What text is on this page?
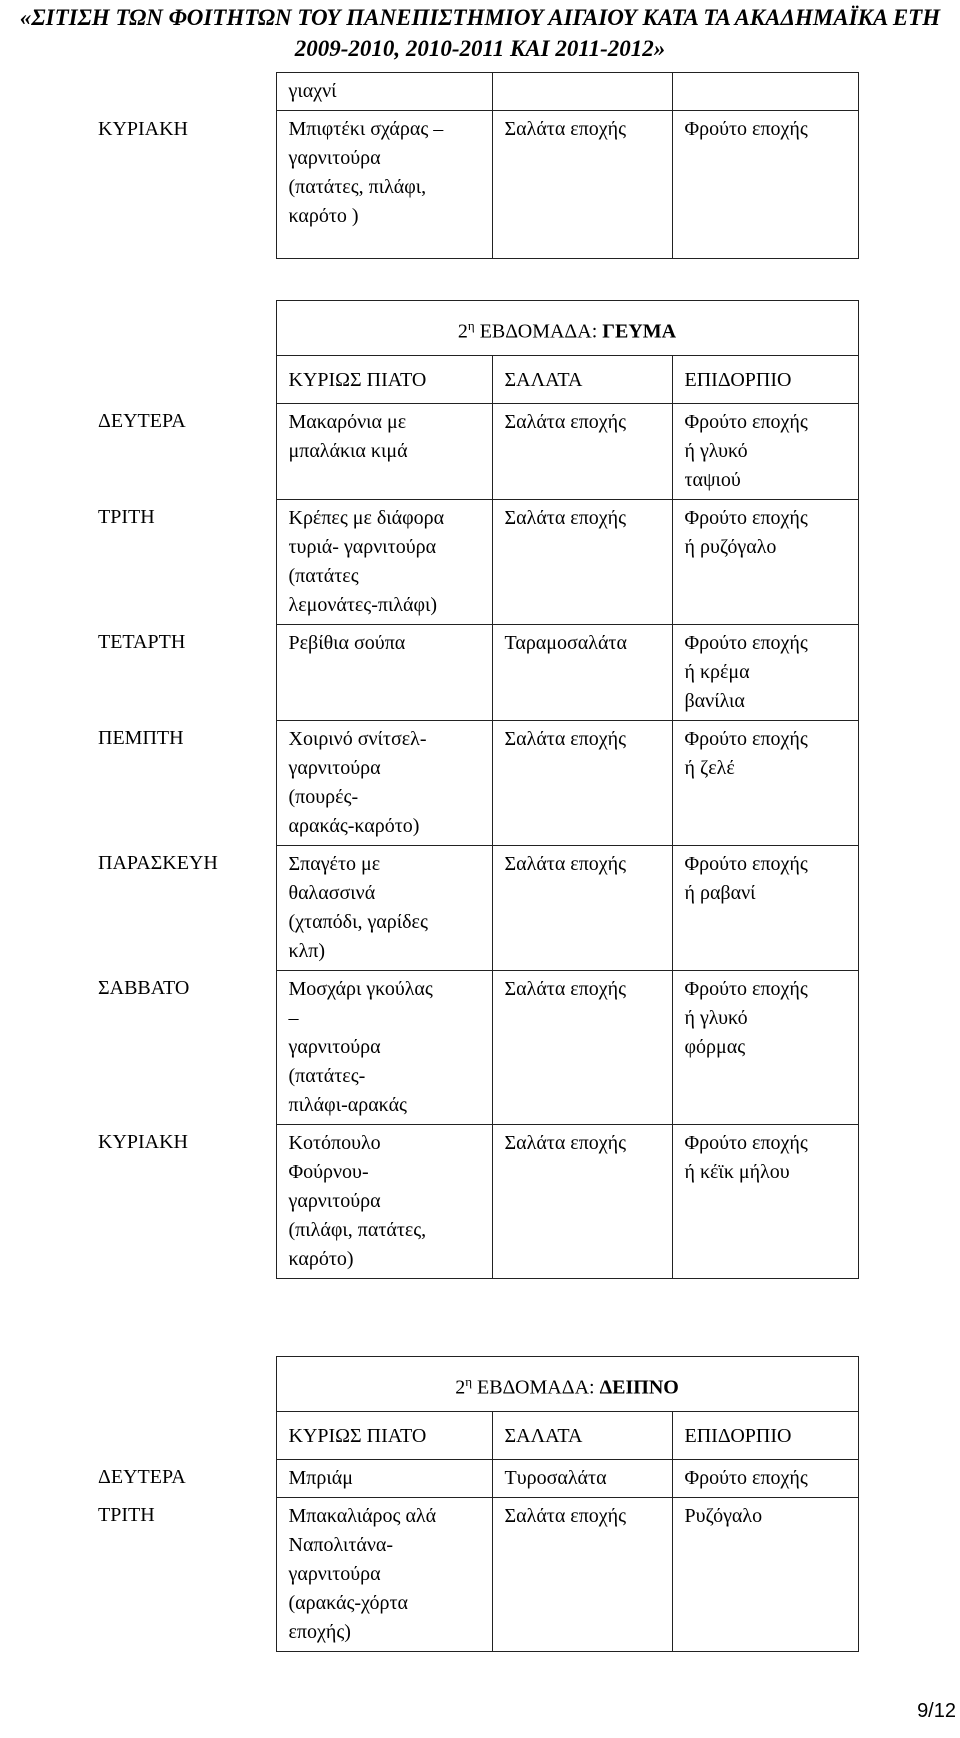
«ΣΙΤΙΣΗ ΤΩΝ ΦΟΙΤΗΤΩΝ ΤΟΥ ΠΑΝΕΠΙΣΤΗΜΙΟΥ ΑΙΓΑΙΟΥ ΚΑΤΑ ΤΑ ΑΚΑΔΗΜΑΪΚΑ ΕΤΗ
2009-2010, 2010-2011 ΚΑΙ 2011-2012»

	γιαχνί		

ΚΥΡΙΑΚΗ	Μπιφτέκι σχάρας –
γαρνιτούρα
(πατάτες, πιλάφι,
καρότο )	Σαλάτα εποχής	Φρούτο εποχής
	$2^\eta$ ΕΒΔΟΜΑΔΑ: ΓΕΥΜΑ		
	ΚΥΡΙΩΣ ΠΙΑΤΟ	ΣΑΛΑΤΑ	ΕΠΙΔΟΡΠΙΟ
ΔΕΥΤΕΡΑ	Μακαρόνια με
μπαλάκια κιμά	Σαλάτα εποχής	Φρούτο εποχής
ή γλυκό
ταψιού

ΤΡΙΤΗ	Κρέπες με διάφορα
τυριά- γαρνιτούρα
(πατάτες
λεμονάτες-πιλάφι)	Σαλάτα εποχής	Φρούτο εποχής
ή ρυζόγαλο

ΤΕΤΑΡΤΗ	Ρεβίθια σούπα	Ταραμοσαλάτα	Φρούτο εποχής
ή κρέμα
βανίλια

ΠΕΜΠΤΗ	Χοιρινό σνίτσελ-
γαρνιτούρα
(πουρές-
αρακάς-καρότο)	Σαλάτα εποχής	Φρούτο εποχής
ή ζελέ

ΠΑΡΑΣΚΕΥΗ	Σπαγέτο με
θαλασσινά
(χταπόδι, γαρίδες
κλπ)	Σαλάτα εποχής	Φρούτο εποχής
ή ραβανί

ΣΑΒΒΑΤΟ	Μοσχάρι γκούλας
–
γαρνιτούρα
(πατάτες-
πιλάφι-αρακάς	Σαλάτα εποχής	Φρούτο εποχής
ή γλυκό
φόρμας

ΚΥΡΙΑΚΗ	Κοτόπουλο
Φούρνου-
γαρνιτούρα
(πιλάφι, πατάτες,
καρότο)	Σαλάτα εποχής	Φρούτο εποχής
ή κέϊκ μήλου
	$2^\eta$ ΕΒΔΟΜΑΔΑ: ΔΕΙΠΝΟ		
	ΚΥΡΙΩΣ ΠΙΑΤΟ	ΣΑΛΑΤΑ	ΕΠΙΔΟΡΠΙΟ
ΔΕΥΤΕΡΑ	Μπριάμ	Τυροσαλάτα	Φρούτο εποχής

ΤΡΙΤΗ	Μπακαλιάρος αλά
Ναπολιτάνα-
γαρνιτούρα
(αρακάς-χόρτα
εποχής)	Σαλάτα εποχής	Ρυζόγαλο
9/12
